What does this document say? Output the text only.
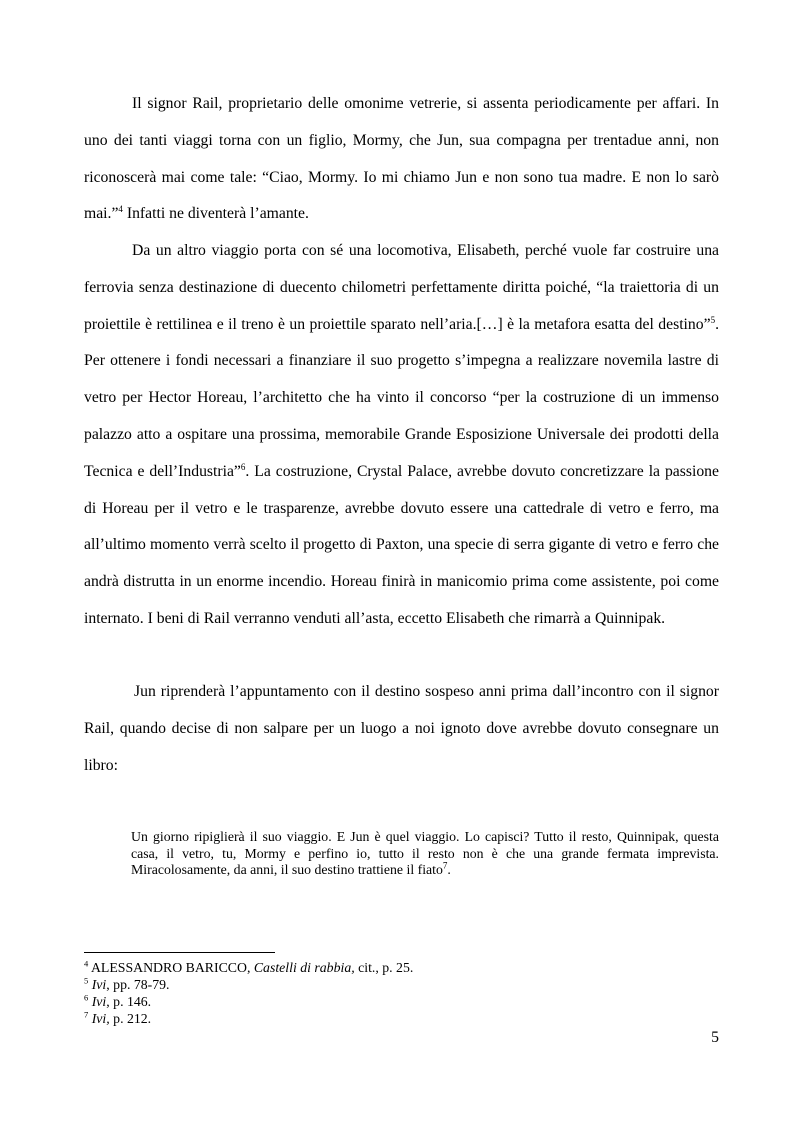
Il signor Rail, proprietario delle omonime vetrerie, si assenta periodicamente per affari. In uno dei tanti viaggi torna con un figlio, Mormy, che Jun, sua compagna per trentadue anni, non riconoscerà mai come tale: “Ciao, Mormy. Io mi chiamo Jun e non sono tua madre. E non lo sarò mai.”$^4$ Infatti ne diventerà l’amante.

Da un altro viaggio porta con sé una locomotiva, Elisabeth, perché vuole far costruire una ferrovia senza destinazione di duecento chilometri perfettamente diritta poiché, “la traiettoria di un proiettile è rettilinea e il treno è un proiettile sparato nell’aria.[…] è la metafora esatta del destino”$^5$. Per ottenere i fondi necessari a finanziare il suo progetto s’impegna a realizzare novemila lastre di vetro per Hector Horeau, l’architetto che ha vinto il concorso “per la costruzione di un immenso palazzo atto a ospitare una prossima, memorabile Grande Esposizione Universale dei prodotti della Tecnica e dell’Industria”$^6$. La costruzione, Crystal Palace, avrebbe dovuto concretizzare la passione di Horeau per il vetro e le trasparenze, avrebbe dovuto essere una cattedrale di vetro e ferro, ma all’ultimo momento verrà scelto il progetto di Paxton, una specie di serra gigante di vetro e ferro che andrà distrutta in un enorme incendio. Horeau finirà in manicomio prima come assistente, poi come internato. I beni di Rail verranno venduti all’asta, eccetto Elisabeth che rimarrà a Quinnipak.

Jun riprenderà l’appuntamento con il destino sospeso anni prima dall’incontro con il signor Rail, quando decise di non salpare per un luogo a noi ignoto dove avrebbe dovuto consegnare un libro:

Un giorno ripiglierà il suo viaggio. E Jun è quel viaggio. Lo capisci? Tutto il resto, Quinnipak, questa casa, il vetro, tu, Mormy e perfino io, tutto il resto non è che una grande fermata imprevista. Miracolosamente, da anni, il suo destino trattiene il fiato$^7$.

$^4$ ALESSANDRO BARICCO, Castelli di rabbia, cit., p. 25.
$^5$ Ivi, pp. 78-79.
$^6$ Ivi, p. 146.
$^7$ Ivi, p. 212.
5
